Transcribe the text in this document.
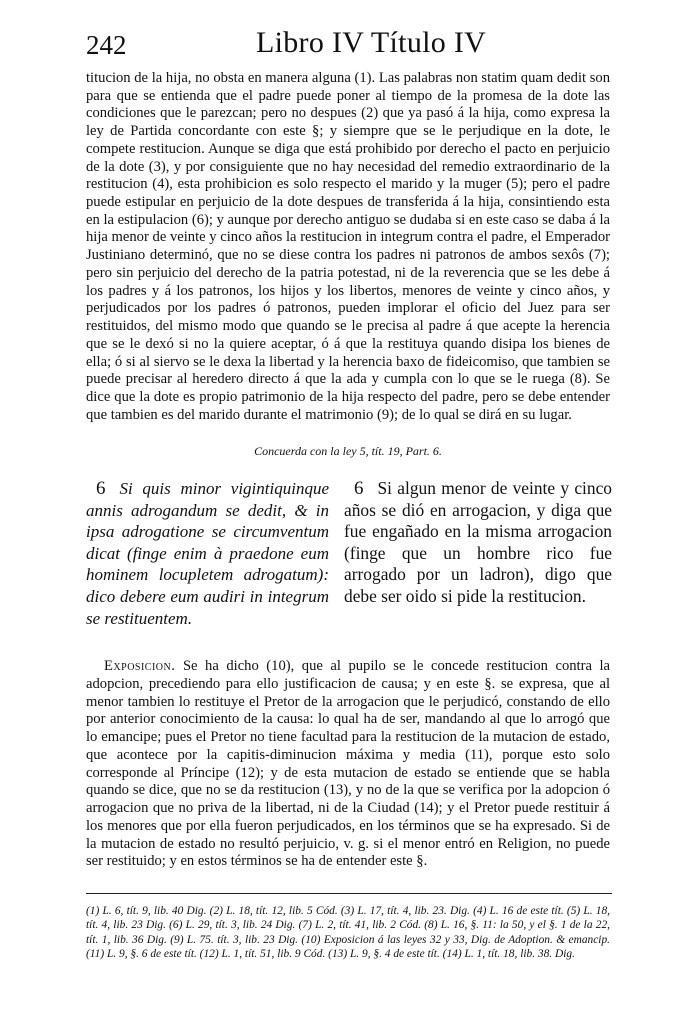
242	Libro IV Título IV

titucion de la hija, no obsta en manera alguna (1). Las palabras non statim quam dedit son para que se entienda que el padre puede poner al tiempo de la promesa de la dote las condiciones que le parezcan; pero no despues (2) que ya pasó á la hija, como expresa la ley de Partida concordante con este §; y siempre que se le perjudique en la dote, le compete restitucion. Aunque se diga que está prohibido por derecho el pacto en perjuicio de la dote (3), y por consiguiente que no hay necesidad del remedio extraordinario de la restitucion (4), esta prohibicion es solo respecto el marido y la muger (5); pero el padre puede estipular en perjuicio de la dote despues de transferida á la hija, consintiendo esta en la estipulacion (6); y aunque por derecho antiguo se dudaba si en este caso se daba á la hija menor de veinte y cinco años la restitucion in integrum contra el padre, el Emperador Justiniano determinó, que no se diese contra los padres ni patronos de ambos sexôs (7); pero sin perjuicio del derecho de la patria potestad, ni de la reverencia que se les debe á los padres y á los patronos, los hijos y los libertos, menores de veinte y cinco años, y perjudicados por los padres ó patronos, pueden implorar el oficio del Juez para ser restituidos, del mismo modo que quando se le precisa al padre á que acepte la herencia que se le dexó si no la quiere aceptar, ó á que la restituya quando disipa los bienes de ella; ó si al siervo se le dexa la libertad y la herencia baxo de fideicomiso, que tambien se puede precisar al heredero directo á que la ada y cumpla con lo que se le ruega (8). Se dice que la dote es propio patrimonio de la hija respecto del padre, pero se debe entender que tambien es del marido durante el matrimonio (9); de lo qual se dirá en su lugar.

Concuerda con la ley 5, tít. 19, Part. 6.

6 Si quis minor vigintiquinque annis adrogandum se dedit, & in ipsa adrogatione se circumventum dicat (finge enim à praedone eum hominem locupletem adrogatum): dico debere eum audiri in integrum se restituentem.

6 Si algun menor de veinte y cinco años se dió en arrogacion, y diga que fue engañado en la misma arrogacion (finge que un hombre rico fue arrogado por un ladron), digo que debe ser oido si pide la restitucion.

Exposicion. Se ha dicho (10), que al pupilo se le concede restitucion contra la adopcion, precediendo para ello justificacion de causa; y en este §. se expresa, que al menor tambien lo restituye el Pretor de la arrogacion que le perjudicó, constando de ello por anterior conocimiento de la causa: lo qual ha de ser, mandando al que lo arrogó que lo emancipe; pues el Pretor no tiene facultad para la restitucion de la mutacion de estado, que acontece por la capitis-diminucion máxima y media (11), porque esto solo corresponde al Príncipe (12); y de esta mutacion de estado se entiende que se habla quando se dice, que no se da restitucion (13), y no de la que se verifica por la adopcion ó arrogacion que no priva de la libertad, ni de la Ciudad (14); y el Pretor puede restituir á los menores que por ella fueron perjudicados, en los términos que se ha expresado. Si de la mutacion de estado no resultó perjuicio, v. g. si el menor entró en Religion, no puede ser restituido; y en estos términos se ha de entender este §.

(1) L. 6, tít. 9, lib. 40 Dig. (2) L. 18, tít. 12, lib. 5 Cód. (3) L. 17, tít. 4, lib. 23. Dig. (4) L. 16 de este tít. (5) L. 18, tít. 4, lib. 23 Dig. (6) L. 29, tít. 3, lib. 24 Dig. (7) L. 2, tít. 41, lib. 2 Cód. (8) L. 16, §. 11: la 50, y el §. 1 de la 22, tít. 1, lib. 36 Dig. (9) L. 75. tít. 3, lib. 23 Dig. (10) Exposicion á las leyes 32 y 33, Dig. de Adoption. & emancip. (11) L. 9, §. 6 de este tít. (12) L. 1, tít. 51, lib. 9 Cód. (13) L. 9, §. 4 de este tít. (14) L. 1, tít. 18, lib. 38. Dig.
